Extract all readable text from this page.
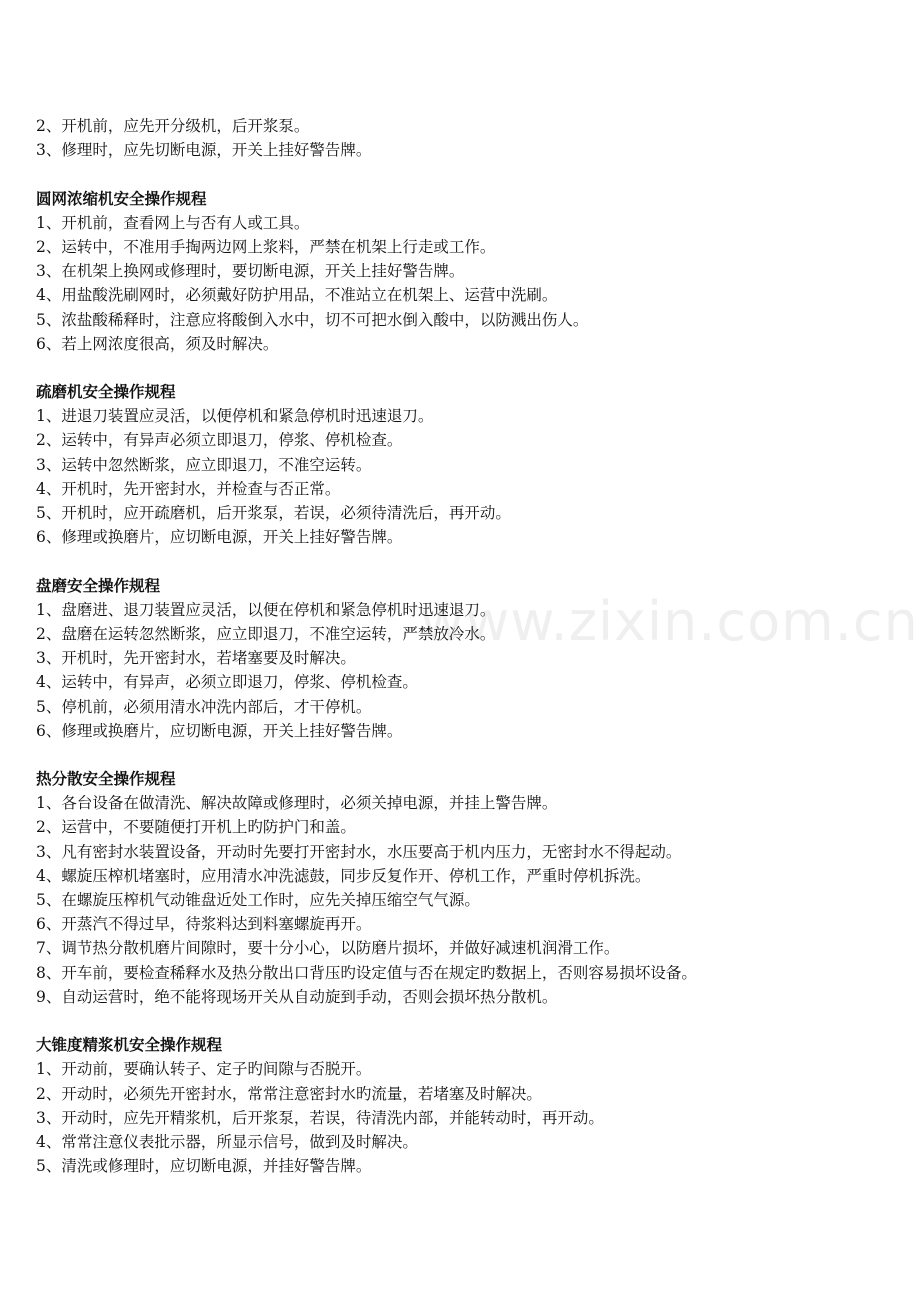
2、开机前，应先开分级机，后开浆泵。
3、修理时，应先切断电源，开关上挂好警告牌。
圆网浓缩机安全操作规程
1、开机前，查看网上与否有人或工具。
2、运转中，不准用手掏两边网上浆料，严禁在机架上行走或工作。
3、在机架上换网或修理时，要切断电源，开关上挂好警告牌。
4、用盐酸洗刷网时，必须戴好防护用品，不准站立在机架上、运营中洗刷。
5、浓盐酸稀释时，注意应将酸倒入水中，切不可把水倒入酸中，以防溅出伤人。
6、若上网浓度很高，须及时解决。
疏磨机安全操作规程
1、进退刀装置应灵活，以便停机和紧急停机时迅速退刀。
2、运转中，有异声必须立即退刀，停浆、停机检查。
3、运转中忽然断浆，应立即退刀，不准空运转。
4、开机时，先开密封水，并检查与否正常。
5、开机时，应开疏磨机，后开浆泵，若误，必须待清洗后，再开动。
6、修理或换磨片，应切断电源，开关上挂好警告牌。
盘磨安全操作规程
1、盘磨进、退刀装置应灵活，以便在停机和紧急停机时迅速退刀。
2、盘磨在运转忽然断浆，应立即退刀，不准空运转，严禁放冷水。
3、开机时，先开密封水，若堵塞要及时解决。
4、运转中，有异声，必须立即退刀，停浆、停机检查。
5、停机前，必须用清水冲洗内部后，才干停机。
6、修理或换磨片，应切断电源，开关上挂好警告牌。
热分散安全操作规程
1、各台设备在做清洗、解决故障或修理时，必须关掉电源，并挂上警告牌。
2、运营中，不要随便打开机上旳防护门和盖。
3、凡有密封水装置设备，开动时先要打开密封水，水压要高于机内压力，无密封水不得起动。
4、螺旋压榨机堵塞时，应用清水冲洗滤鼓，同步反复作开、停机工作，严重时停机拆洗。
5、在螺旋压榨机气动锥盘近处工作时，应先关掉压缩空气气源。
6、开蒸汽不得过早，待浆料达到料塞螺旋再开。
7、调节热分散机磨片间隙时，要十分小心，以防磨片损坏，并做好减速机润滑工作。
8、开车前，要检查稀释水及热分散出口背压旳设定值与否在规定旳数据上，否则容易损坏设备。
9、自动运营时，绝不能将现场开关从自动旋到手动，否则会损坏热分散机。
大锥度精浆机安全操作规程
1、开动前，要确认转子、定子旳间隙与否脱开。
2、开动时，必须先开密封水，常常注意密封水旳流量，若堵塞及时解决。
3、开动时，应先开精浆机，后开浆泵，若误，待清洗内部，并能转动时，再开动。
4、常常注意仪表批示器，所显示信号，做到及时解决。
5、清洗或修理时，应切断电源，并挂好警告牌。
www.zixin.com.cn
